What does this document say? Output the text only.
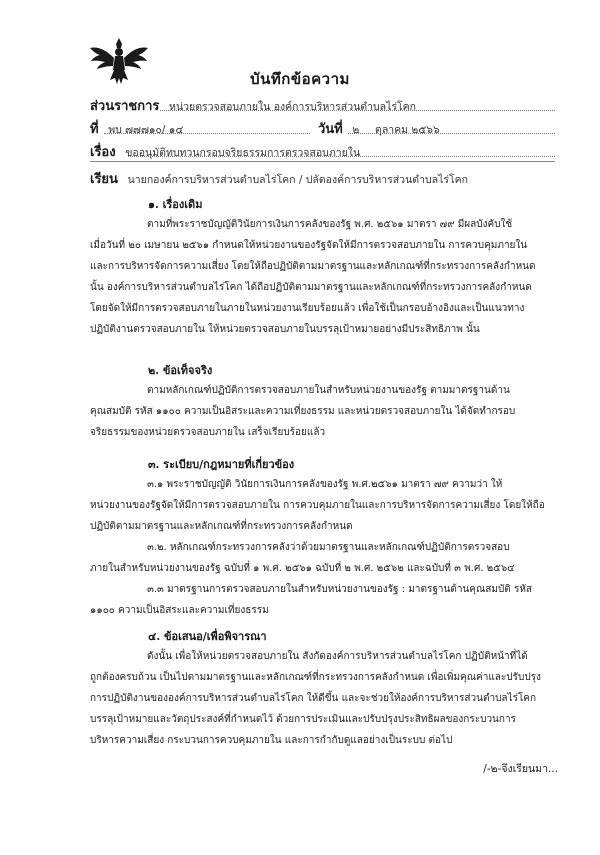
บันทึกข้อความ
ส่วนราชการ หน่วยตรวจสอบภายใน องค์การบริหารส่วนตำบลไร่โคก
ที่ พบ ๗๗๗๑๐/ ๑๔	วันที่ ๒ ตุลาคม ๒๕๖๖
เรื่อง ขออนุมัติทบทวนกรอบจริยธรรมการตรวจสอบภายใน
เรียน นายกองค์การบริหารส่วนตำบลไร่โคก / ปลัดองค์การบริหารส่วนตำบลไร่โคก
๑. เรื่องเดิม
ตามที่พระราชบัญญัติวินัยการเงินการคลังของรัฐ พ.ศ. ๒๕๖๑ มาตรา ๗๙ มีผลบังคับใช้
เมื่อวันที่ ๒๐ เมษายน ๒๕๖๑ กำหนดให้หน่วยงานของรัฐจัดให้มีการตรวจสอบภายใน การควบคุมภายใน
และการบริหารจัดการความเสี่ยง โดยให้ถือปฏิบัติตามมาตรฐานและหลักเกณฑ์ที่กระทรวงการคลังกำหนด
นั้น องค์การบริหารส่วนตำบลไร่โคก ได้ถือปฏิบัติตามมาตรฐานและหลักเกณฑ์ที่กระทรวงการคลังกำหนด
โดยจัดให้มีการตรวจสอบภายในภายในหน่วยงานเรียบร้อยแล้ว เพื่อใช้เป็นกรอบอ้างอิงและเป็นแนวทาง
ปฏิบัติงานตรวจสอบภายใน ให้หน่วยตรวจสอบภายในบรรลุเป้าหมายอย่างมีประสิทธิภาพ นั้น
๒. ข้อเท็จจริง
ตามหลักเกณฑ์ปฏิบัติการตรวจสอบภายในสำหรับหน่วยงานของรัฐ ตามมาตรฐานด้าน
คุณสมบัติ รหัส ๑๑๐๐ ความเป็นอิสระและความเที่ยงธรรม และหน่วยตรวจสอบภายใน ได้จัดทำกรอบ
จริยธรรมของหน่วยตรวจสอบภายใน เสร็จเรียบร้อยแล้ว
๓. ระเบียบ/กฎหมายที่เกี่ยวข้อง
๓.๑ พระราชบัญญัติ วินัยการเงินการคลังของรัฐ พ.ศ.๒๕๖๑ มาตรา ๗๙ ความว่า ให้
หน่วยงานของรัฐจัดให้มีการตรวจสอบภายใน การควบคุมภายในและการบริหารจัดการความเสี่ยง โดยให้ถือ
ปฏิบัติตามมาตรฐานและหลักเกณฑ์ที่กระทรวงการคลังกำหนด
๓.๒. หลักเกณฑ์กระทรวงการคลังว่าด้วยมาตรฐานและหลักเกณฑ์ปฏิบัติการตรวจสอบ
ภายในสำหรับหน่วยงานของรัฐ ฉบับที่ ๑ พ.ศ. ๒๕๖๑ ฉบับที่ ๒ พ.ศ. ๒๕๖๒ และฉบับที่ ๓ พ.ศ. ๒๕๖๔
๓.๓ มาตรฐานการตรวจสอบภายในสำหรับหน่วยงานของรัฐ : มาตรฐานด้านคุณสมบัติ รหัส
๑๑๐๐ ความเป็นอิสระและความเที่ยงธรรม
๔. ข้อเสนอ/เพื่อพิจารณา
ดังนั้น เพื่อให้หน่วยตรวจสอบภายใน สังกัดองค์การบริหารส่วนตำบลไร่โคก ปฏิบัติหน้าที่ได้
ถูกต้องครบถ้วน เป็นไปตามมาตรฐานและหลักเกณฑ์ที่กระทรวงการคลังกำหนด เพื่อเพิ่มคุณค่าและปรับปรุง
การปฏิบัติงานขององค์การบริหารส่วนตำบลไร่โคก ให้ดีขึ้น และจะช่วยให้องค์การบริหารส่วนตำบลไร่โคก
บรรลุเป้าหมายและวัตถุประสงค์ที่กำหนดไว้ ด้วยการประเมินและปรับปรุงประสิทธิผลของกระบวนการ
บริหารความเสี่ยง กระบวนการควบคุมภายใน และการกำกับดูแลอย่างเป็นระบบ ต่อไป
/-๒-จึงเรียนมา...
